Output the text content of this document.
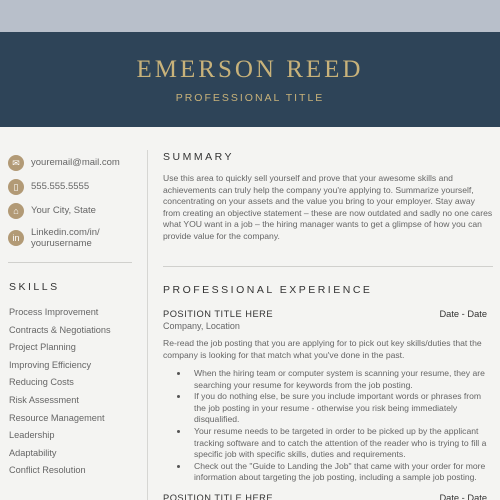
EMERSON REED
PROFESSIONAL TITLE
✉	youremail@mail.com
▯	555.555.5555
⌂	Your City, State
in	Linkedin.com/in/
yourusername
SKILLS
Process Improvement
Contracts & Negotiations
Project Planning
Improving Efficiency
Reducing Costs
Risk Assessment
Resource Management
Leadership
Adaptability
Conflict Resolution
SUMMARY

Use this area to quickly sell yourself and prove that your awesome skills and achievements can truly help the company you're applying to. Summarize yourself, concentrating on your assets and the value you bring to your employer. Stay away from creating an objective statement – these are now outdated and sadly no one cares what YOU want in a job – the hiring manager wants to get a glimpse of how you can provide value for the company.

PROFESSIONAL EXPERIENCE
POSITION TITLE HERE	Date - Date
Company, Location

Re-read the job posting that you are applying for to pick out key skills/duties that the company is looking for that match what you've done in the past.

When the hiring team or computer system is scanning your resume, they are searching your resume for keywords from the job posting.
If you do nothing else, be sure you include important words or phrases from the job posting in your resume - otherwise you risk being immediately disqualified.
Your resume needs to be targeted in order to be picked up by the applicant tracking software and to catch the attention of the reader who is trying to fill a specific job with specific skills, duties and requirements.
Check out the "Guide to Landing the Job" that came with your order for more information about targeting the job posting, including a sample job posting.
POSITION TITLE HERE	Date - Date
